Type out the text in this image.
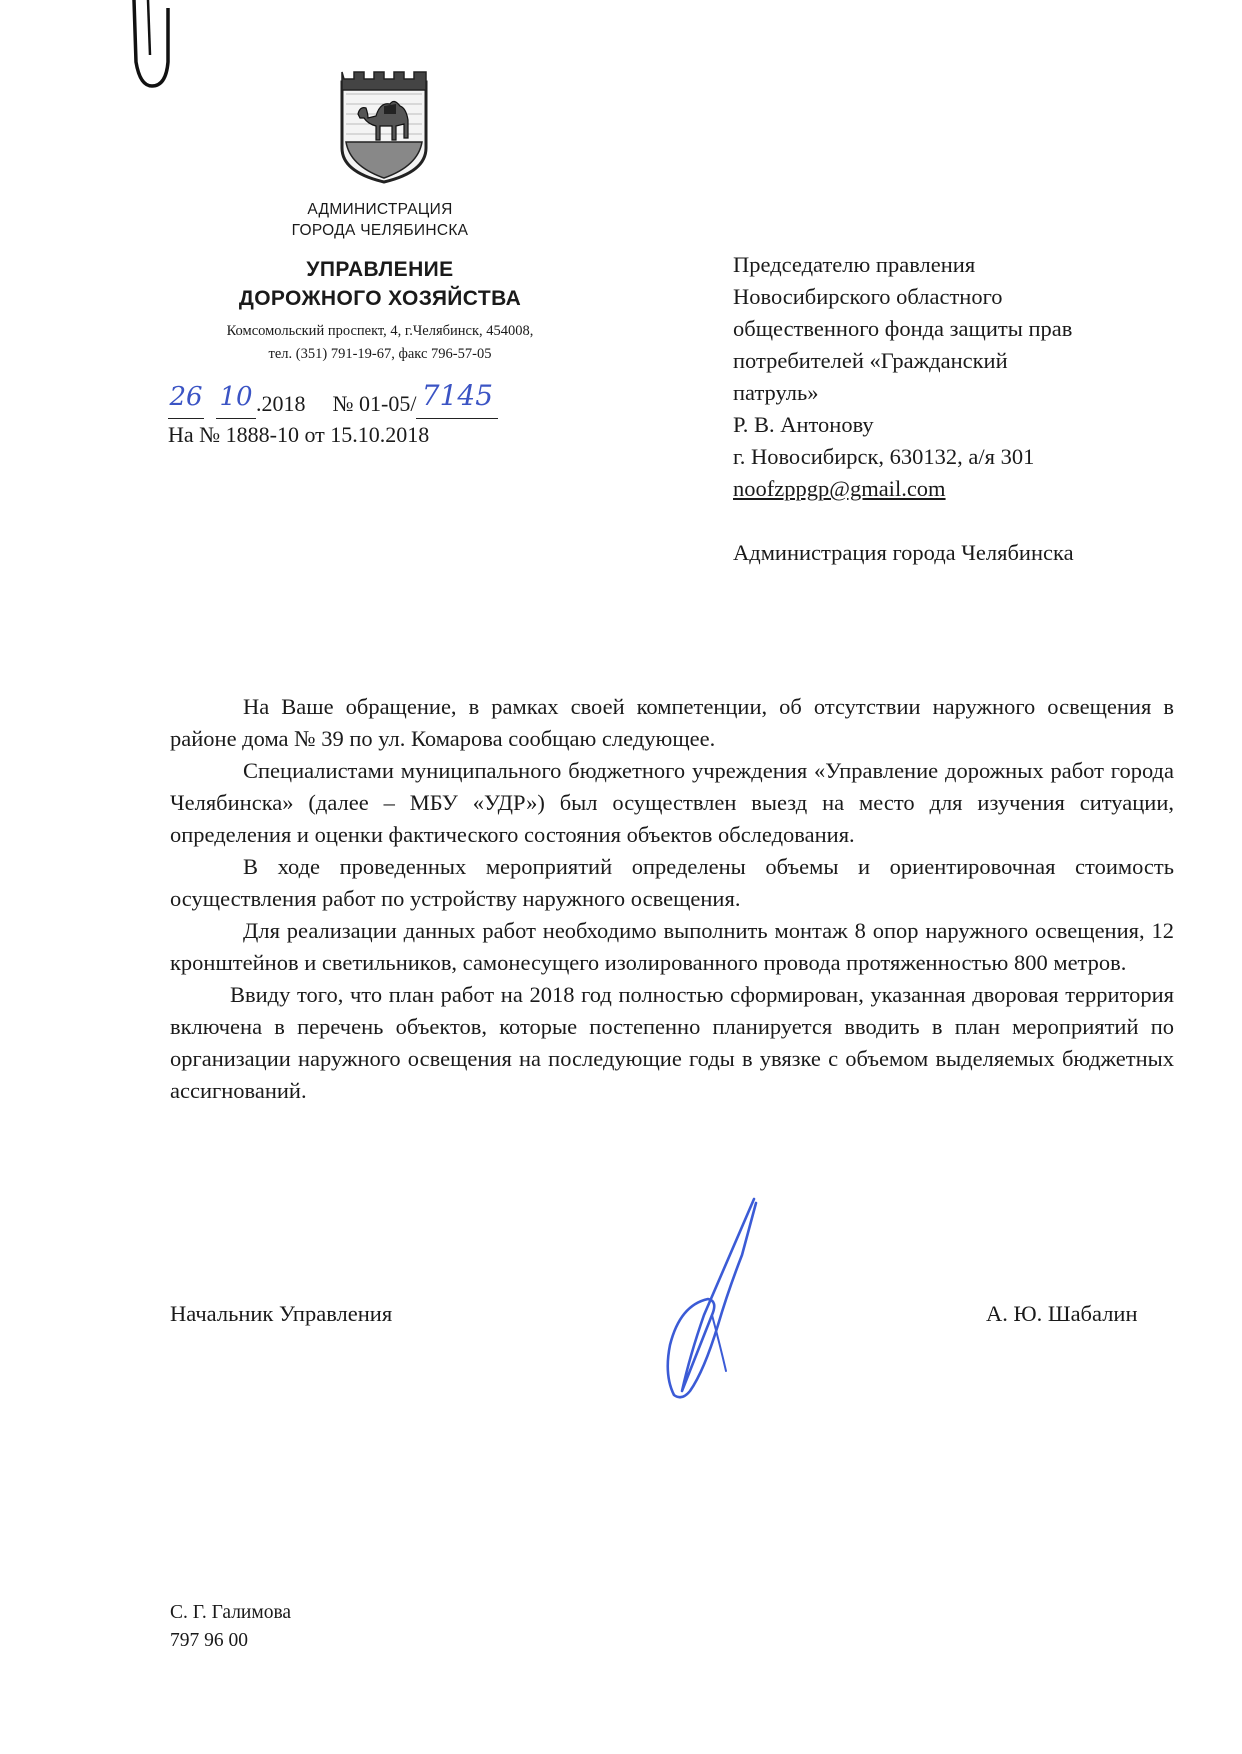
АДМИНИСТРАЦИЯ
ГОРОДА ЧЕЛЯБИНСКА
УПРАВЛЕНИЕ
ДОРОЖНОГО ХОЗЯЙСТВА
Комсомольский проспект, 4, г.Челябинск, 454008,
тел. (351) 791-19-67, факс 796-57-05
26 10 .2018 № 01-05/ 7145
На № 1888-10 от 15.10.2018
Председателю правления
Новосибирского областного
общественного фонда защиты прав
потребителей «Гражданский
патруль»
Р. В. Антонову
г. Новосибирск, 630132, а/я 301
noofzppgp@gmail.com
Администрация города Челябинска

На Ваше обращение, в рамках своей компетенции, об отсутствии наружного освещения в районе дома № 39 по ул. Комарова сообщаю следующее.

Специалистами муниципального бюджетного учреждения «Управление дорожных работ города Челябинска» (далее – МБУ «УДР») был осуществлен выезд на место для изучения ситуации, определения и оценки фактического состояния объектов обследования.

В ходе проведенных мероприятий определены объемы и ориентировочная стоимость осуществления работ по устройству наружного освещения.

Для реализации данных работ необходимо выполнить монтаж 8 опор наружного освещения, 12 кронштейнов и светильников, самонесущего изолированного провода протяженностью 800 метров.

Ввиду того, что план работ на 2018 год полностью сформирован, указанная дворовая территория включена в перечень объектов, которые постепенно планируется вводить в план мероприятий по организации наружного освещения на последующие годы в увязке с объемом выделяемых бюджетных ассигнований.

Начальник Управления	А. Ю. Шабалин
С. Г. Галимова
797 96 00
